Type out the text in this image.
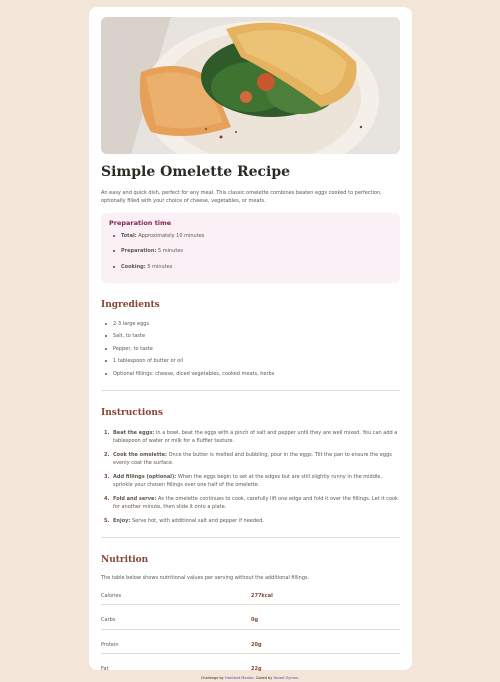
Simple Omelette Recipe

An easy and quick dish, perfect for any meal. This classic omelette combines beaten eggs cooked to perfection, optionally filled with your choice of cheese, vegetables, or meats.

Preparation time
Total: Approximately 10 minutes
Preparation: 5 minutes
Cooking: 5 minutes
Ingredients
2-3 large eggs
Salt, to taste
Pepper, to taste
1 tablespoon of butter or oil
Optional fillings: cheese, diced vegetables, cooked meats, herbs
Instructions
1. Beat the eggs: In a bowl, beat the eggs with a pinch of salt and pepper until they are well mixed. You can add a tablespoon of water or milk for a fluffier texture.
2. Cook the omelette: Once the butter is melted and bubbling, pour in the eggs. Tilt the pan to ensure the eggs evenly coat the surface.
3. Add fillings (optional): When the eggs begin to set at the edges but are still slightly runny in the middle, sprinkle your chosen fillings over one half of the omelette.
4. Fold and serve: As the omelette continues to cook, carefully lift one edge and fold it over the fillings. Let it cook for another minute, then slide it onto a plate.
5. Enjoy: Serve hot, with additional salt and pepper if needed.
Nutrition

The table below shows nutritional values per serving without the additional fillings.

Calories	277kcal
Carbs	0g
Protein	20g
Fat	22g
Challenge by Frontend Mentor. Coded by Yousef Zyman.
